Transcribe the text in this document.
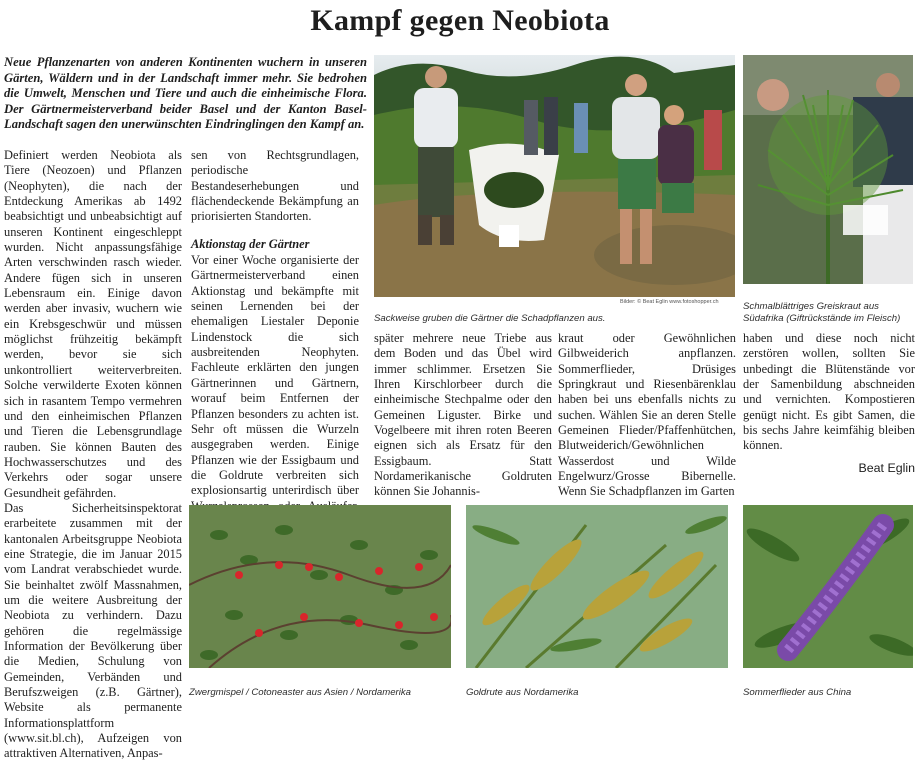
Kampf gegen Neobiota
Neue Pflanzenarten von anderen Kontinenten wuchern in unseren Gärten, Wäldern und in der Landschaft immer mehr. Sie bedrohen die Umwelt, Menschen und Tiere und auch die einheimische Flora. Der Gärtnermeisterverband beider Basel und der Kanton Basel-Landschaft sagen den unerwünschten Eindringlingen den Kampf an.

Definiert werden Neobiota als Tiere (Neozoen) und Pflanzen (Neophyten), die nach der Entdeckung Amerikas ab 1492 beabsichtigt und unbeabsichtigt auf unseren Kontinent eingeschleppt wurden. Nicht anpassungsfähige Arten verschwinden rasch wieder. Andere fügen sich in unseren Lebensraum ein. Einige davon werden aber invasiv, wuchern wie ein Krebsgeschwür und müssen möglichst frühzeitig bekämpft werden, bevor sie sich unkontrolliert weiterverbreiten. Solche verwilderte Exoten können sich in rasantem Tempo vermehren und den einheimischen Pflanzen und Tieren die Lebensgrundlage rauben. Sie können Bauten des Hochwasserschutzes und des Verkehrs oder sogar unsere Gesundheit gefährden.

Das Sicherheitsinspektorat erarbeitete zusammen mit der kantonalen Arbeitsgruppe Neobiota eine Strategie, die im Januar 2015 vom Landrat verabschiedet wurde. Sie beinhaltet zwölf Massnahmen, um die weitere Ausbreitung der Neobiota zu verhindern. Dazu gehören die regelmässige Information der Bevölkerung über die Medien, Schulung von Gemeinden, Verbänden und Berufszweigen (z.B. Gärtner), Website als permanente Informationsplattform (www.sit.bl.ch), Aufzeigen von attraktiven Alternativen, Anpas-

sen von Rechtsgrundlagen, periodische Bestandeserhebungen und flächendeckende Bekämpfung an priorisierten Standorten.

Aktionstag der Gärtner

Vor einer Woche organisierte der Gärtnermeisterverband einen Aktionstag und bekämpfte mit seinen Lernenden bei der ehemaligen Liestaler Deponie Lindenstock die sich ausbreitenden Neophyten. Fachleute erklärten den jungen Gärtnerinnen und Gärtnern, worauf beim Entfernen der Pflanzen besonders zu achten ist. Sehr oft müssen die Wurzeln ausgegraben werden. Einige Pflanzen wie der Essigbaum und die Goldrute verbreiten sich explosionsartig unterirdisch über

später mehrere neue Triebe aus dem Boden und das Übel wird immer schlimmer. Ersetzen Sie Ihren Kirschlorbeer durch die einheimische Stechpalme oder den Gemeinen Liguster. Birke und Vogelbeere mit ihren roten Beeren eignen sich als Ersatz für den Essigbaum. Statt Nordamerikanische Goldruten können Sie Johannis-

kraut oder Gewöhnlichen Gilbweiderich anpflanzen. Sommerflieder, Drüsiges Springkraut und Riesenbärenklau haben bei uns ebenfalls nichts zu suchen. Wählen Sie an deren Stelle Gemeinen Flieder/Pfaffenhütchen, Blutweiderich/Gewöhnlichen Wasserdost und Wilde Engelwurz/Grosse Bibernelle. Wenn Sie Schadpflanzen im Garten

haben und diese noch nicht zerstören wollen, sollten Sie unbedingt die Blütenstände vor der Samenbildung abschneiden und vernichten. Kompostieren genügt nicht. Es gibt Samen, die bis sechs Jahre keimfähig bleiben können.

Beat Eglin
Bilder: © Beat Eglin www.fotoshopper.ch
Sackweise gruben die Gärtner die Schadpflanzen aus.
Schmalblättriges Greiskraut aus
Südafrika (Giftrückstände im Fleisch)
Zwergmispel / Cotoneaster aus Asien / Nordamerika	Goldrute aus Nordamerika	Sommerflieder aus China
